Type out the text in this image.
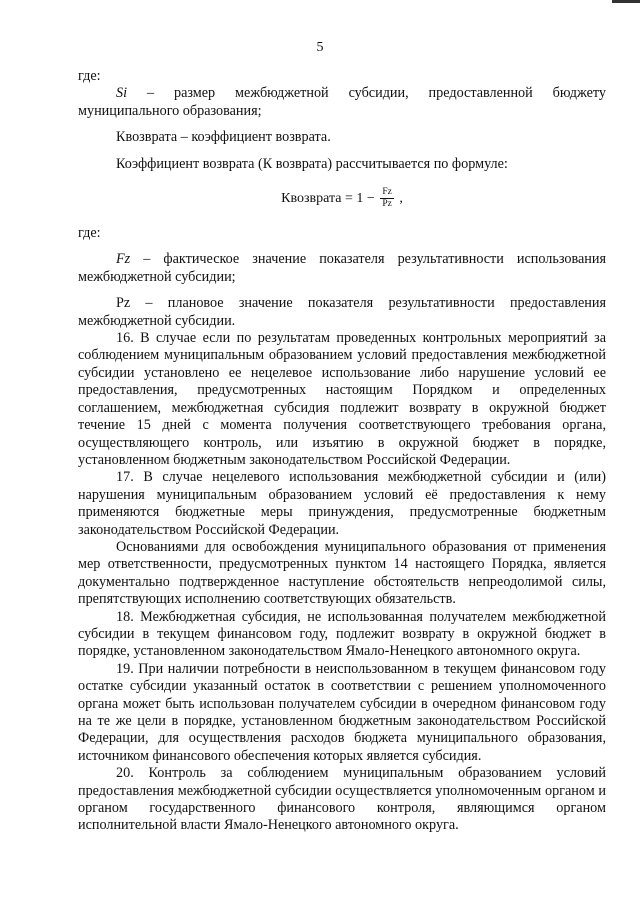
5

где:

Si – размер межбюджетной субсидии, предоставленной бюджету муниципального образования;

Квозврата – коэффициент возврата.

Коэффициент возврата (К возврата) рассчитывается по формуле:

Квозврата = $1 - \frac{Fz}{Pz}$ ,

где:

Fz – фактическое значение показателя результативности использования межбюджетной субсидии;

Pz – плановое значение показателя результативности предоставления межбюджетной субсидии.

16. В случае если по результатам проведенных контрольных мероприятий за соблюдением муниципальным образованием условий предоставления межбюджетной субсидии установлено ее нецелевое использование либо нарушение условий ее предоставления, предусмотренных настоящим Порядком и определенных соглашением, межбюджетная субсидия подлежит возврату в окружной бюджет течение 15 дней с момента получения соответствующего требования органа, осуществляющего контроль, или изъятию в окружной бюджет в порядке, установленном бюджетным законодательством Российской Федерации.

17. В случае нецелевого использования межбюджетной субсидии и (или) нарушения муниципальным образованием условий её предоставления к нему применяются бюджетные меры принуждения, предусмотренные бюджетным законодательством Российской Федерации.

Основаниями для освобождения муниципального образования от применения мер ответственности, предусмотренных пунктом 14 настоящего Порядка, является документально подтвержденное наступление обстоятельств непреодолимой силы, препятствующих исполнению соответствующих обязательств.

18. Межбюджетная субсидия, не использованная получателем межбюджетной субсидии в текущем финансовом году, подлежит возврату в окружной бюджет в порядке, установленном законодательством Ямало-Ненецкого автономного округа.

19. При наличии потребности в неиспользованном в текущем финансовом году остатке субсидии указанный остаток в соответствии с решением уполномоченного органа может быть использован получателем субсидии в очередном финансовом году на те же цели в порядке, установленном бюджетным законодательством Российской Федерации, для осуществления расходов бюджета муниципального образования, источником финансового обеспечения которых является субсидия.

20. Контроль за соблюдением муниципальным образованием условий предоставления межбюджетной субсидии осуществляется уполномоченным органом и органом государственного финансового контроля, являющимся органом исполнительной власти Ямало-Ненецкого автономного округа.
